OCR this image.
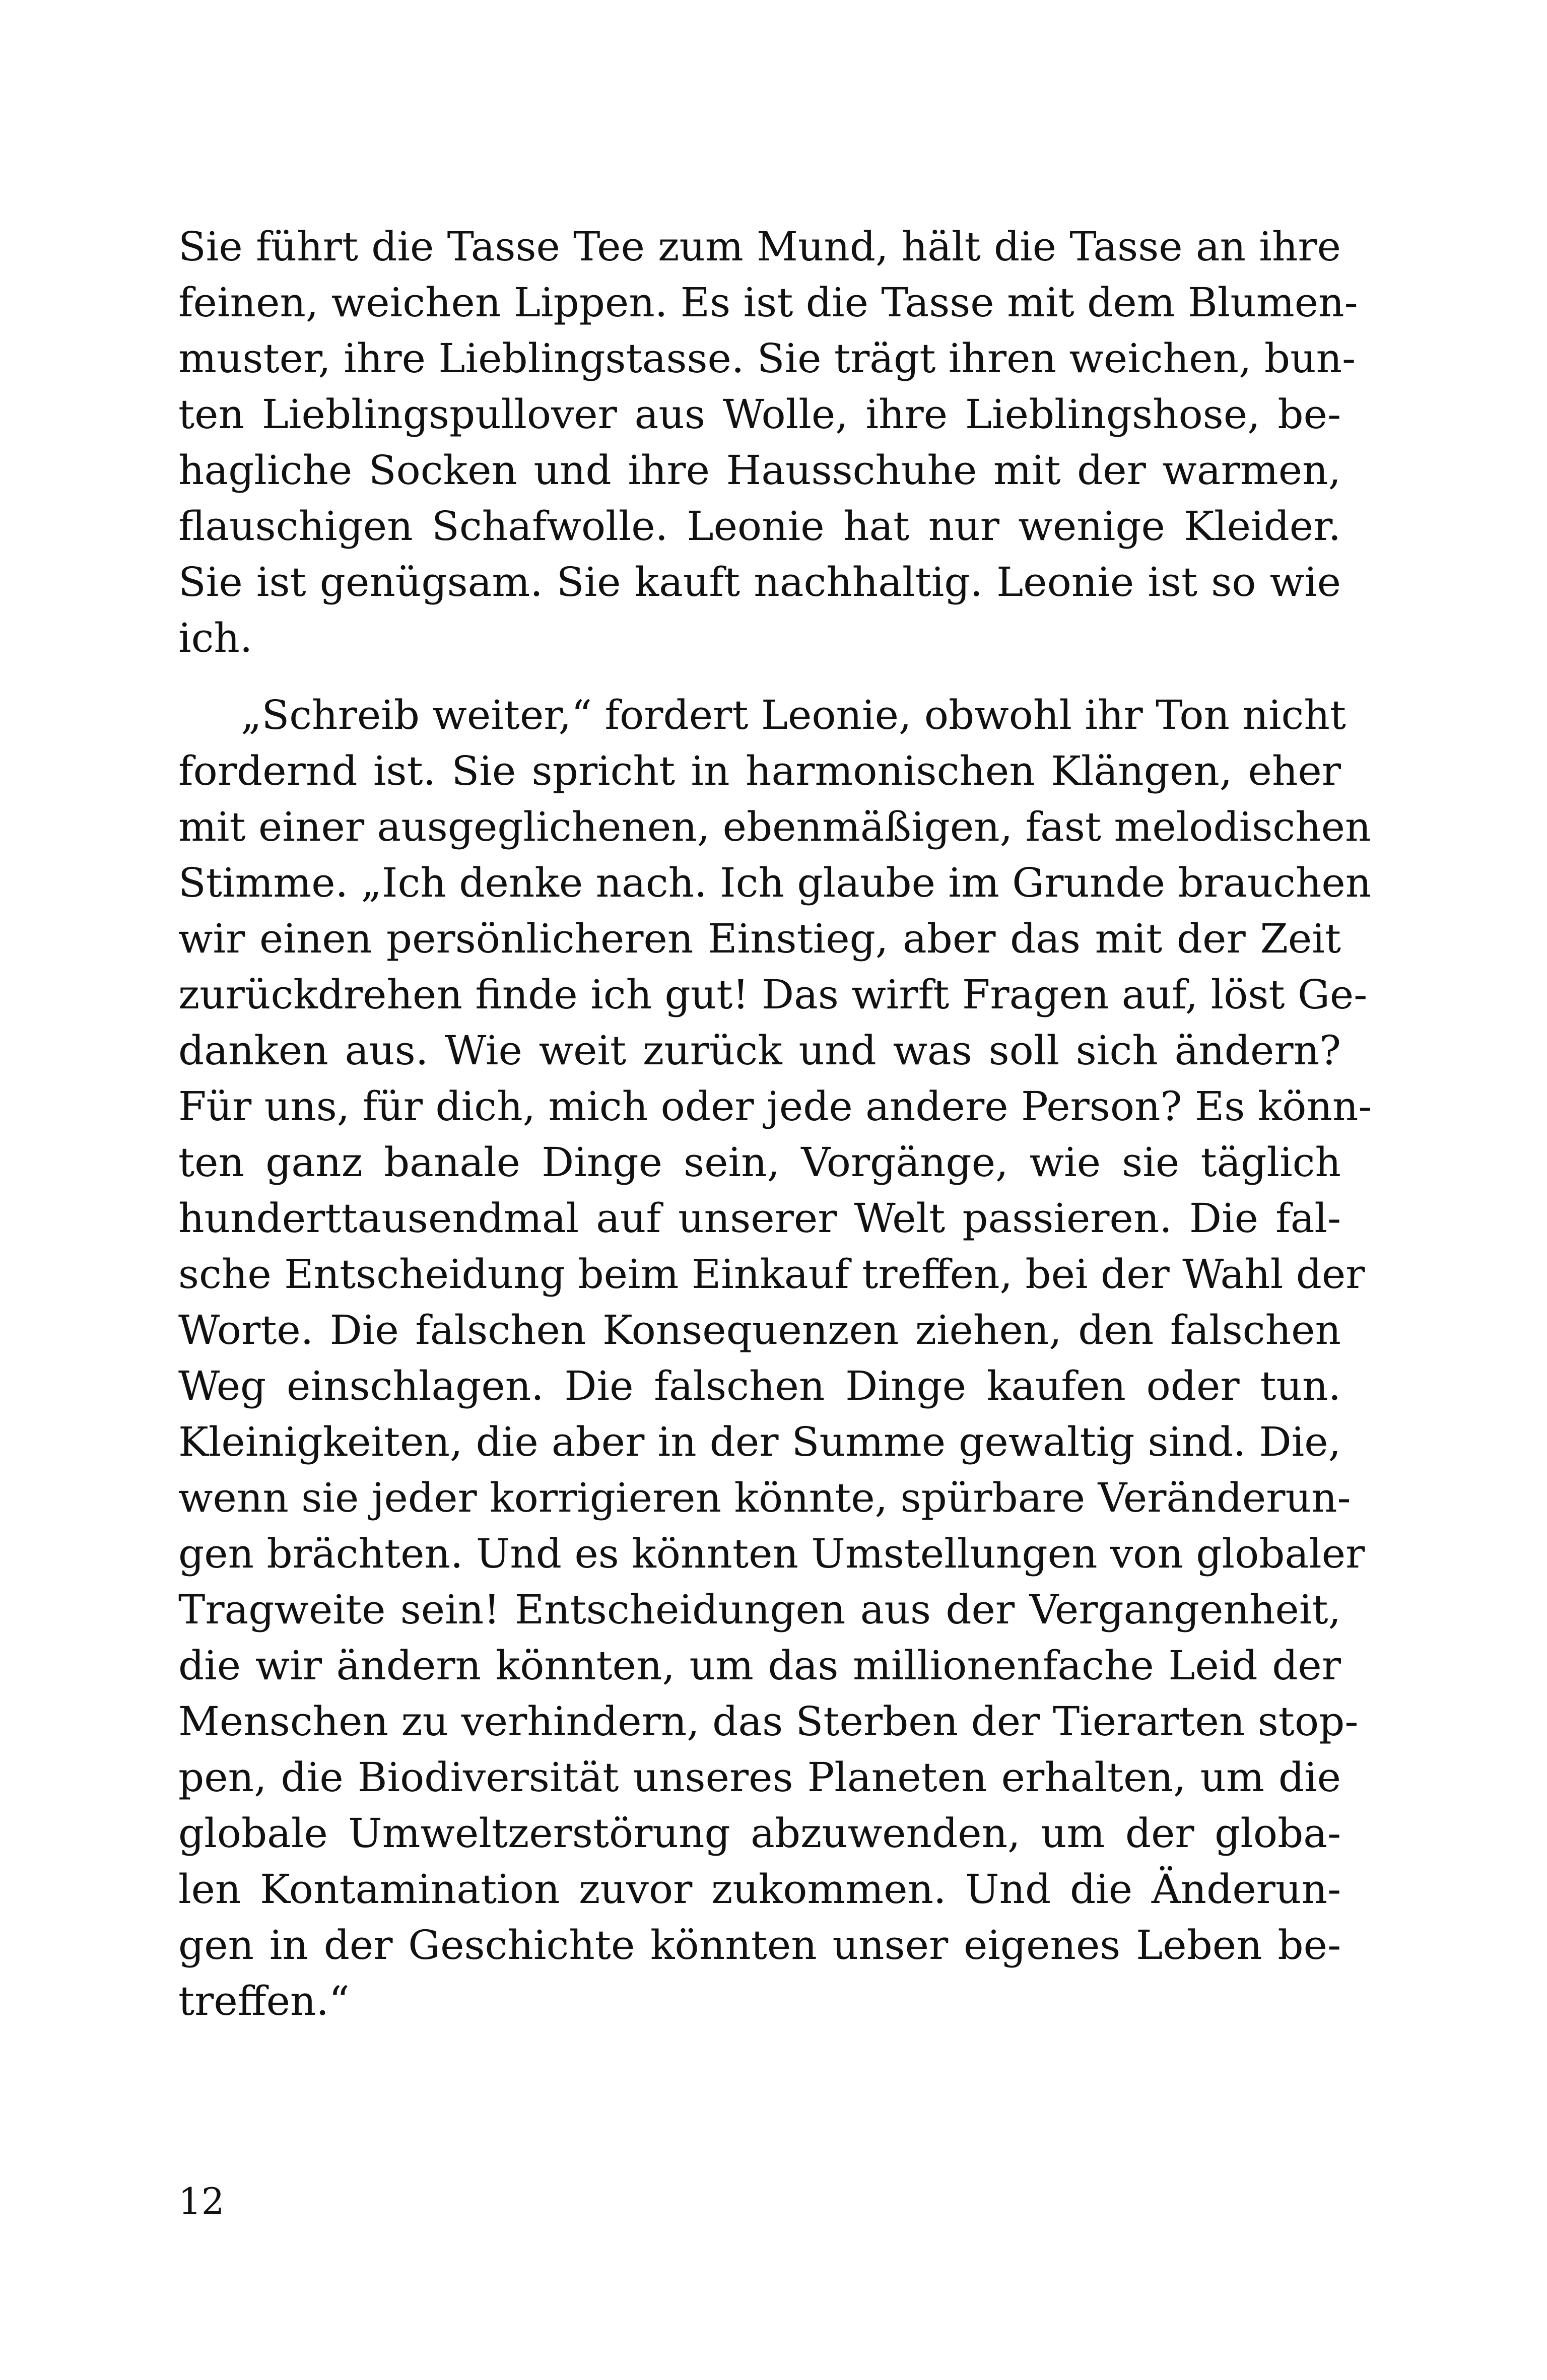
Sie führt die Tasse Tee zum Mund, hält die Tasse an ihre
feinen, weichen Lippen. Es ist die Tasse mit dem Blumen-
muster, ihre Lieblingstasse. Sie trägt ihren weichen, bun-
ten Lieblingspullover aus Wolle, ihre Lieblingshose, be-
hagliche Socken und ihre Hausschuhe mit der warmen,
flauschigen Schafwolle. Leonie hat nur wenige Kleider.
Sie ist genügsam. Sie kauft nachhaltig. Leonie ist so wie
ich.
„Schreib weiter,“ fordert Leonie, obwohl ihr Ton nicht
fordernd ist. Sie spricht in harmonischen Klängen, eher
mit einer ausgeglichenen, ebenmäßigen, fast melodischen
Stimme. „Ich denke nach. Ich glaube im Grunde brauchen
wir einen persönlicheren Einstieg, aber das mit der Zeit
zurückdrehen finde ich gut! Das wirft Fragen auf, löst Ge-
danken aus. Wie weit zurück und was soll sich ändern?
Für uns, für dich, mich oder jede andere Person? Es könn-
ten ganz banale Dinge sein, Vorgänge, wie sie täglich
hunderttausendmal auf unserer Welt passieren. Die fal-
sche Entscheidung beim Einkauf treffen, bei der Wahl der
Worte. Die falschen Konsequenzen ziehen, den falschen
Weg einschlagen. Die falschen Dinge kaufen oder tun.
Kleinigkeiten, die aber in der Summe gewaltig sind. Die,
wenn sie jeder korrigieren könnte, spürbare Veränderun-
gen brächten. Und es könnten Umstellungen von globaler
Tragweite sein! Entscheidungen aus der Vergangenheit,
die wir ändern könnten, um das millionenfache Leid der
Menschen zu verhindern, das Sterben der Tierarten stop-
pen, die Biodiversität unseres Planeten erhalten, um die
globale Umweltzerstörung abzuwenden, um der globa-
len Kontamination zuvor zukommen. Und die Änderun-
gen in der Geschichte könnten unser eigenes Leben be-
treffen.“
12
